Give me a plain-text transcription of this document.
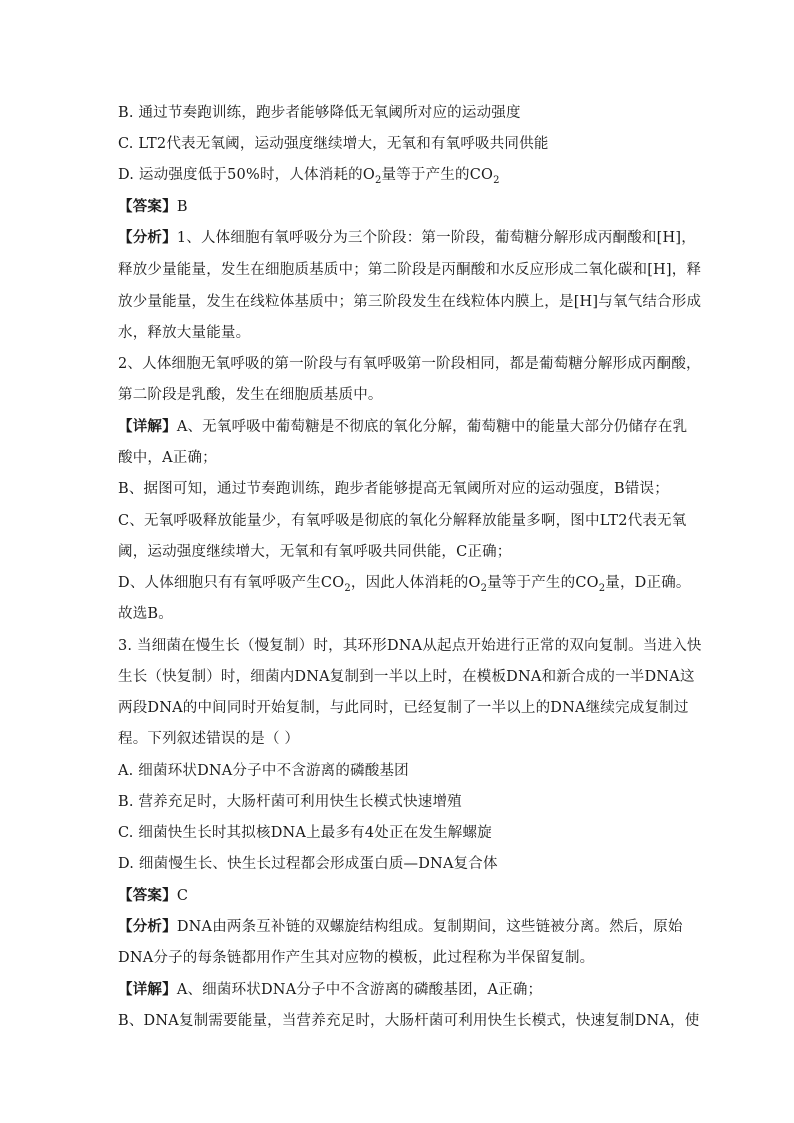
B. 通过节奏跑训练，跑步者能够降低无氧阈所对应的运动强度
C. LT2代表无氧阈，运动强度继续增大，无氧和有氧呼吸共同供能
D. 运动强度低于50%时，人体消耗的$O_2$量等于产生的$CO_2$
【答案】B
【分析】1、人体细胞有氧呼吸分为三个阶段：第一阶段，葡萄糖分解形成丙酮酸和[H]，
释放少量能量，发生在细胞质基质中；第二阶段是丙酮酸和水反应形成二氧化碳和[H]，释
放少量能量，发生在线粒体基质中；第三阶段发生在线粒体内膜上，是[H]与氧气结合形成
水，释放大量能量。
2、人体细胞无氧呼吸的第一阶段与有氧呼吸第一阶段相同，都是葡萄糖分解形成丙酮酸，
第二阶段是乳酸，发生在细胞质基质中。
【详解】A、无氧呼吸中葡萄糖是不彻底的氧化分解，葡萄糖中的能量大部分仍储存在乳
酸中，A正确；
B、据图可知，通过节奏跑训练，跑步者能够提高无氧阈所对应的运动强度，B错误；
C、无氧呼吸释放能量少，有氧呼吸是彻底的氧化分解释放能量多啊，图中LT2代表无氧
阈，运动强度继续增大，无氧和有氧呼吸共同供能，C正确；
D、人体细胞只有有氧呼吸产生$CO_2$，因此人体消耗的$O_2$量等于产生的$CO_2$量，D正确。
故选B。
3. 当细菌在慢生长（慢复制）时，其环形DNA从起点开始进行正常的双向复制。当进入快
生长（快复制）时，细菌内DNA复制到一半以上时，在模板DNA和新合成的一半DNA这
两段DNA的中间同时开始复制，与此同时，已经复制了一半以上的DNA继续完成复制过
程。下列叙述错误的是（ ）
A. 细菌环状DNA分子中不含游离的磷酸基团
B. 营养充足时，大肠杆菌可利用快生长模式快速增殖
C. 细菌快生长时其拟核DNA上最多有4处正在发生解螺旋
D. 细菌慢生长、快生长过程都会形成蛋白质—DNA复合体
【答案】C
【分析】DNA由两条互补链的双螺旋结构组成。复制期间，这些链被分离。然后，原始
DNA分子的每条链都用作产生其对应物的模板，此过程称为半保留复制。
【详解】A、细菌环状DNA分子中不含游离的磷酸基团，A正确；
B、DNA复制需要能量，当营养充足时，大肠杆菌可利用快生长模式，快速复制DNA，使
